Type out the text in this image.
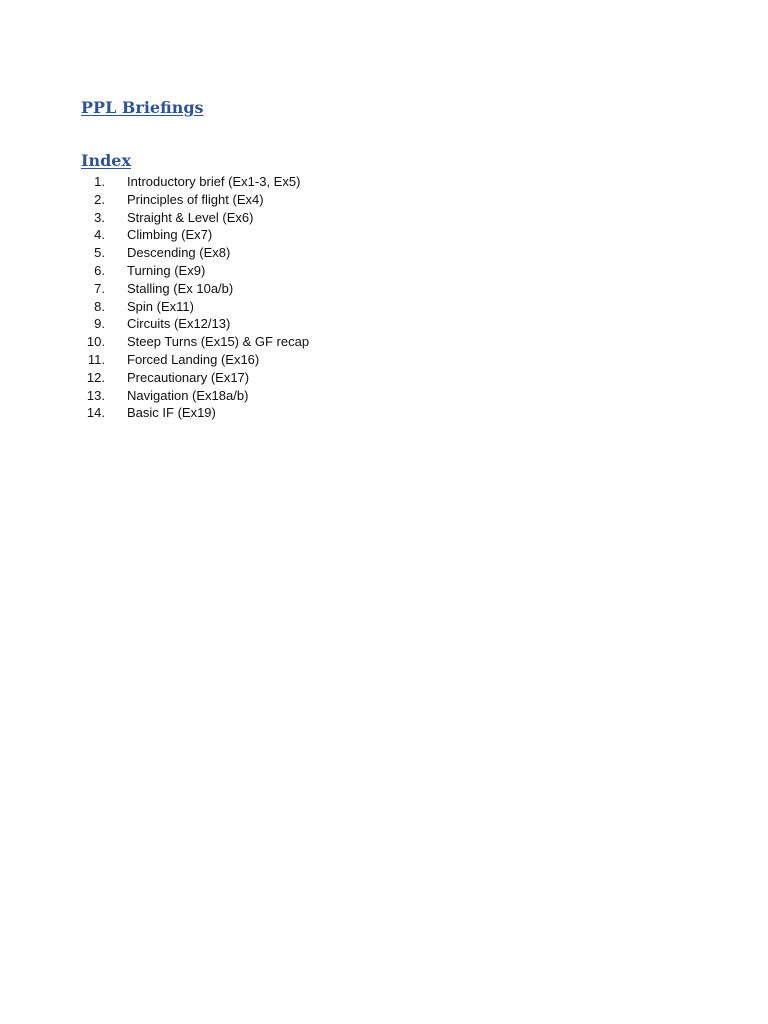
PPL Briefings
Index
1. Introductory brief (Ex1-3, Ex5)
2. Principles of flight (Ex4)
3. Straight & Level (Ex6)
4. Climbing (Ex7)
5. Descending (Ex8)
6. Turning (Ex9)
7. Stalling (Ex 10a/b)
8. Spin (Ex11)
9. Circuits (Ex12/13)
10. Steep Turns (Ex15) & GF recap
11. Forced Landing (Ex16)
12. Precautionary (Ex17)
13. Navigation (Ex18a/b)
14. Basic IF (Ex19)
